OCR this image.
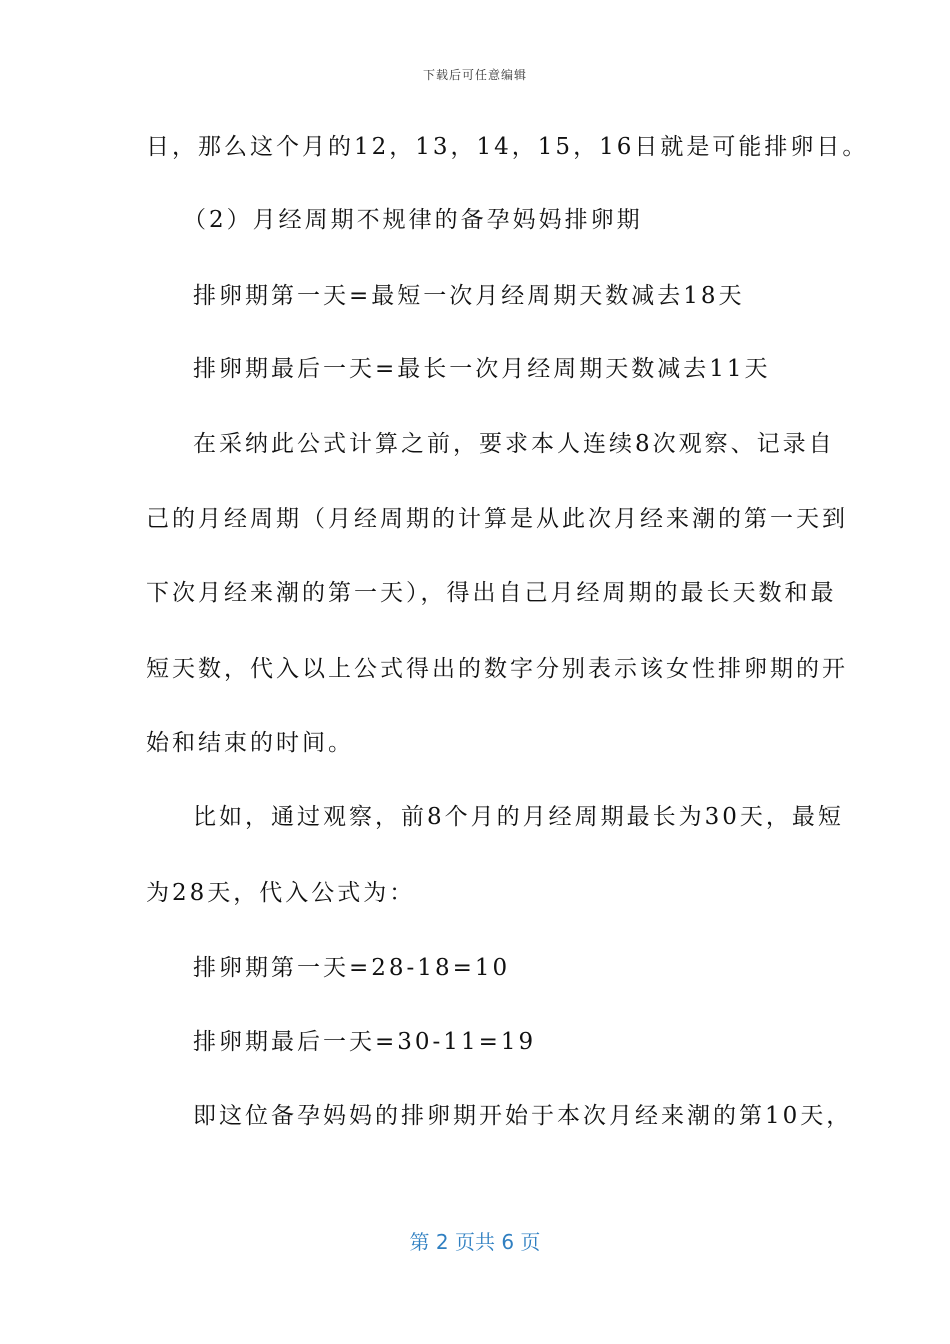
下载后可任意编辑
日，那么这个月的12，13，14，15，16日就是可能排卵日。
（2）月经周期不规律的备孕妈妈排卵期
排卵期第一天=最短一次月经周期天数减去18天
排卵期最后一天=最长一次月经周期天数减去11天
在采纳此公式计算之前，要求本人连续8次观察、记录自
己的月经周期（月经周期的计算是从此次月经来潮的第一天到
下次月经来潮的第一天），得出自己月经周期的最长天数和最
短天数，代入以上公式得出的数字分别表示该女性排卵期的开
始和结束的时间。
比如，通过观察，前8个月的月经周期最长为30天，最短
为28天，代入公式为：
排卵期第一天=28-18=10
排卵期最后一天=30-11=19
即这位备孕妈妈的排卵期开始于本次月经来潮的第10天，
第 2 页共 6 页
